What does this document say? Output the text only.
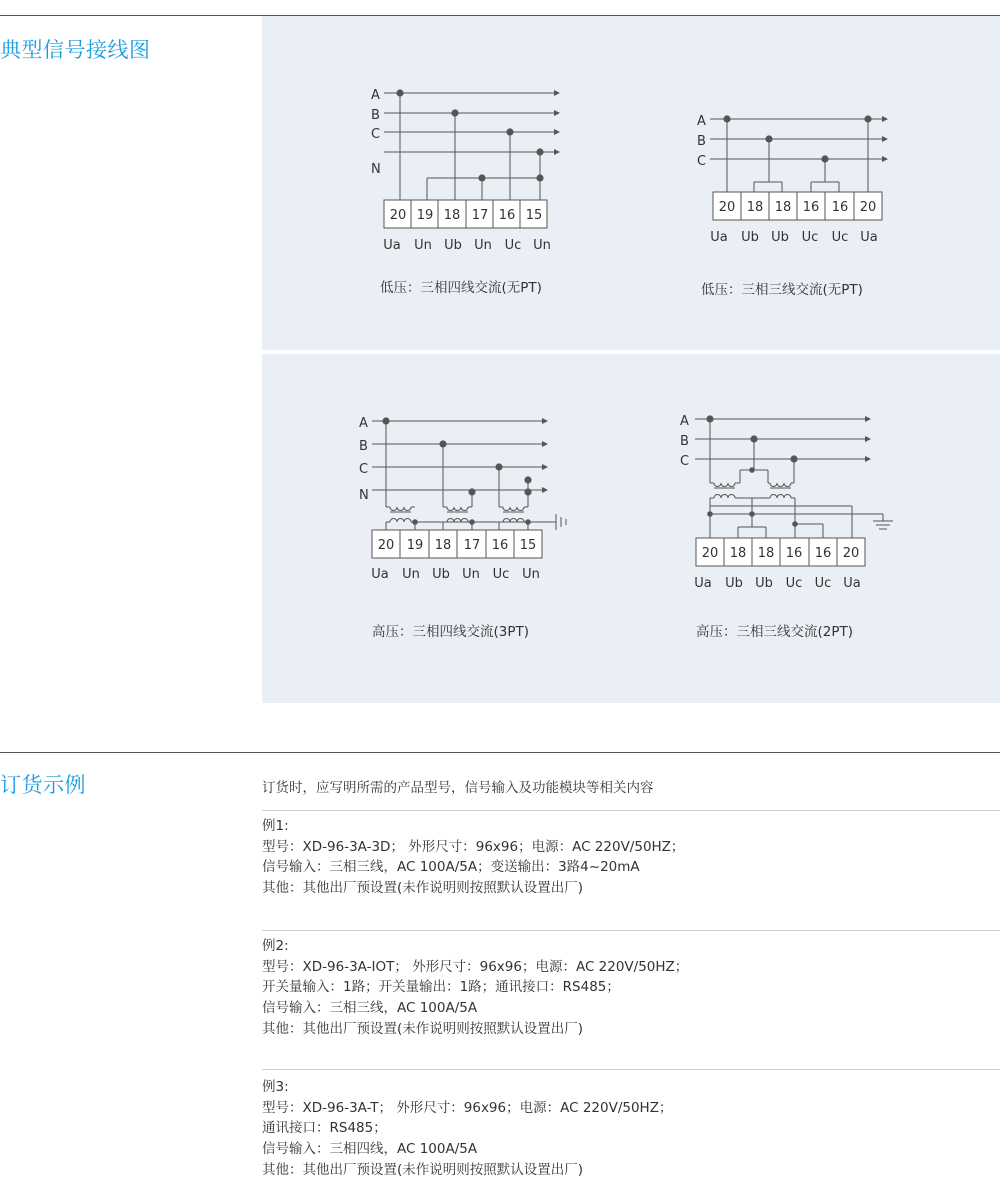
典型信号接线图
A
B
C
N
20 19 18 17 16 15
Ua Un Ub Un Uc Un
低压：三相四线交流(无PT)
A
B
C
20 18 18 16 16 20
Ua Ub Ub Uc Uc Ua
低压：三相三线交流(无PT)
A
B
C
N
20 19 18 17 16 15
Ua Un Ub Un Uc Un
高压：三相四线交流(3PT)
A
B
C
20 18 18 16 16 20
Ua Ub Ub Uc Uc Ua
高压：三相三线交流(2PT)
订货示例	订货时，应写明所需的产品型号，信号输入及功能模块等相关内容
例1:
型号：XD-96-3A-3D； 外形尺寸：96x96；电源：AC 220V/50HZ；
信号输入：三相三线，AC 100A/5A；变送输出：3路4~20mA
其他：其他出厂预设置(未作说明则按照默认设置出厂)
例2:
型号：XD-96-3A-IOT； 外形尺寸：96x96；电源：AC 220V/50HZ；
开关量输入：1路；开关量输出：1路；通讯接口：RS485；
信号输入：三相三线，AC 100A/5A
其他：其他出厂预设置(未作说明则按照默认设置出厂)
例3:
型号：XD-96-3A-T； 外形尺寸：96x96；电源：AC 220V/50HZ；
通讯接口：RS485；
信号输入：三相四线，AC 100A/5A
其他：其他出厂预设置(未作说明则按照默认设置出厂)
